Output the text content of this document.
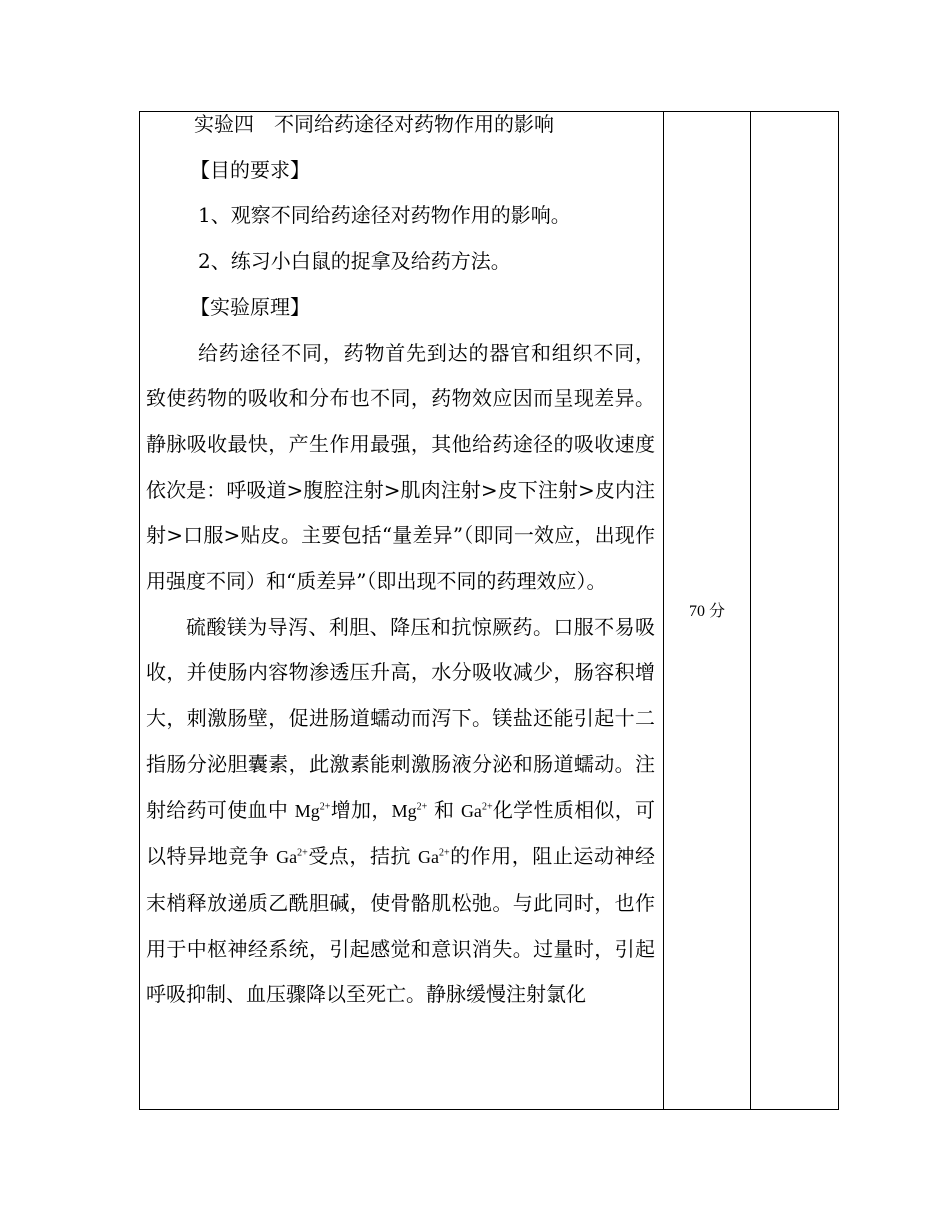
实验四　不同给药途径对药物作用的影响

【目的要求】

1、观察不同给药途径对药物作用的影响。

2、练习小白鼠的捉拿及给药方法。

【实验原理】

给药途径不同，药物首先到达的器官和组织不同，致使药物的吸收和分布也不同，药物效应因而呈现差异。静脉吸收最快，产生作用最强，其他给药途径的吸收速度依次是：呼吸道>腹腔注射>肌肉注射>皮下注射>皮内注射>口服>贴皮。主要包括“量差异”（即同一效应，出现作用强度不同）和“质差异”（即出现不同的药理效应）。

硫酸镁为导泻、利胆、降压和抗惊厥药。口服不易吸收，并使肠内容物渗透压升高，水分吸收减少，肠容积增大，刺激肠壁，促进肠道蠕动而泻下。镁盐还能引起十二指肠分泌胆囊素，此激素能刺激肠液分泌和肠道蠕动。注射给药可使血中 $Mg^{2+}$增加，$Mg^{2+}$ 和 $Ga^{2+}$化学性质相似，可以特异地竞争 $Ga^{2+}$受点，拮抗 $Ga^{2+}$的作用，阻止运动神经末梢释放递质乙酰胆碱，使骨骼肌松弛。与此同时，也作用于中枢神经系统，引起感觉和意识消失。过量时，引起呼吸抑制、血压骤降以至死亡。静脉缓慢注射氯化

	70 分	
